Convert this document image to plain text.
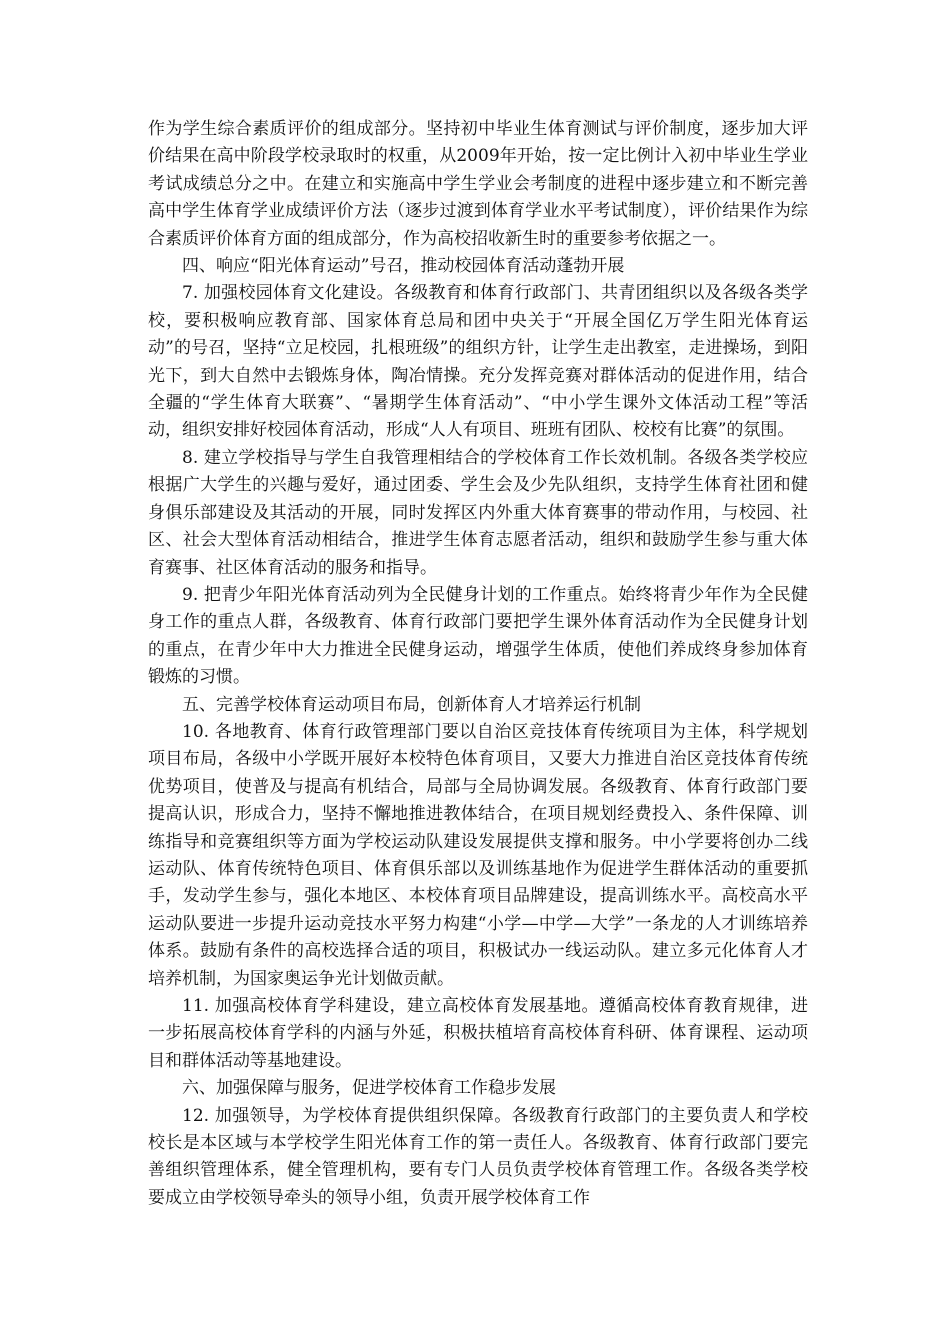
作为学生综合素质评价的组成部分。坚持初中毕业生体育测试与评价制度，逐步加大评价结果在高中阶段学校录取时的权重，从2009年开始，按一定比例计入初中毕业生学业考试成绩总分之中。在建立和实施高中学生学业会考制度的进程中逐步建立和不断完善高中学生体育学业成绩评价方法（逐步过渡到体育学业水平考试制度），评价结果作为综合素质评价体育方面的组成部分，作为高校招收新生时的重要参考依据之一。

四、响应“阳光体育运动”号召，推动校园体育活动蓬勃开展

7. 加强校园体育文化建设。各级教育和体育行政部门、共青团组织以及各级各类学校，要积极响应教育部、国家体育总局和团中央关于“开展全国亿万学生阳光体育运动”的号召，坚持“立足校园，扎根班级”的组织方针，让学生走出教室，走进操场，到阳光下，到大自然中去锻炼身体，陶冶情操。充分发挥竞赛对群体活动的促进作用，结合全疆的“学生体育大联赛”、“暑期学生体育活动”、“中小学生课外文体活动工程”等活动，组织安排好校园体育活动，形成“人人有项目、班班有团队、校校有比赛”的氛围。

8. 建立学校指导与学生自我管理相结合的学校体育工作长效机制。各级各类学校应根据广大学生的兴趣与爱好，通过团委、学生会及少先队组织，支持学生体育社团和健身俱乐部建设及其活动的开展，同时发挥区内外重大体育赛事的带动作用，与校园、社区、社会大型体育活动相结合，推进学生体育志愿者活动，组织和鼓励学生参与重大体育赛事、社区体育活动的服务和指导。

9. 把青少年阳光体育活动列为全民健身计划的工作重点。始终将青少年作为全民健身工作的重点人群，各级教育、体育行政部门要把学生课外体育活动作为全民健身计划的重点，在青少年中大力推进全民健身运动，增强学生体质，使他们养成终身参加体育锻炼的习惯。

五、完善学校体育运动项目布局，创新体育人才培养运行机制

10. 各地教育、体育行政管理部门要以自治区竞技体育传统项目为主体，科学规划项目布局，各级中小学既开展好本校特色体育项目，又要大力推进自治区竞技体育传统优势项目，使普及与提高有机结合，局部与全局协调发展。各级教育、体育行政部门要提高认识，形成合力，坚持不懈地推进教体结合，在项目规划经费投入、条件保障、训练指导和竞赛组织等方面为学校运动队建设发展提供支撑和服务。中小学要将创办二线运动队、体育传统特色项目、体育俱乐部以及训练基地作为促进学生群体活动的重要抓手，发动学生参与，强化本地区、本校体育项目品牌建设，提高训练水平。高校高水平运动队要进一步提升运动竞技水平努力构建“小学—中学—大学”一条龙的人才训练培养体系。鼓励有条件的高校选择合适的项目，积极试办一线运动队。建立多元化体育人才培养机制，为国家奥运争光计划做贡献。

11. 加强高校体育学科建设，建立高校体育发展基地。遵循高校体育教育规律，进一步拓展高校体育学科的内涵与外延，积极扶植培育高校体育科研、体育课程、运动项目和群体活动等基地建设。

六、加强保障与服务，促进学校体育工作稳步发展

12. 加强领导，为学校体育提供组织保障。各级教育行政部门的主要负责人和学校校长是本区域与本学校学生阳光体育工作的第一责任人。各级教育、体育行政部门要完善组织管理体系，健全管理机构，要有专门人员负责学校体育管理工作。各级各类学校要成立由学校领导牵头的领导小组，负责开展学校体育工作
